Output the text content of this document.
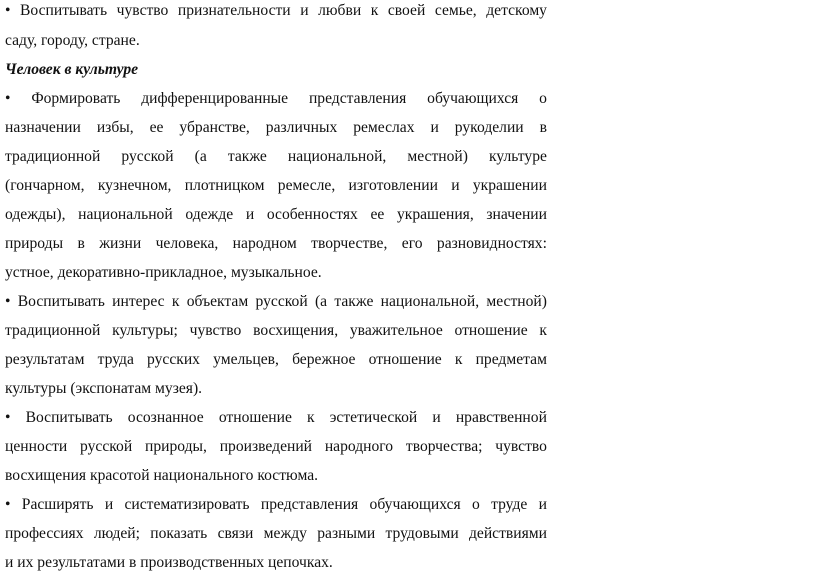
• Воспитывать чувство признательности и любви к своей семье, детскому
саду, городу, стране.
Человек в культуре
• Формировать дифференцированные представления обучающихся о
назначении избы, ее убранстве, различных ремеслах и рукоделии в
традиционной русской (а также национальной, местной) культуре
(гончарном, кузнечном, плотницком ремесле, изготовлении и украшении
одежды), национальной одежде и особенностях ее украшения, значении
природы в жизни человека, народном творчестве, его разновидностях:
устное, декоративно-прикладное, музыкальное.
• Воспитывать интерес к объектам русской (а также национальной, местной)
традиционной культуры; чувство восхищения, уважительное отношение к
результатам труда русских умельцев, бережное отношение к предметам
культуры (экспонатам музея).
• Воспитывать осознанное отношение к эстетической и нравственной
ценности русской природы, произведений народного творчества; чувство
восхищения красотой национального костюма.
• Расширять и систематизировать представления обучающихся о труде и
профессиях людей; показать связи между разными трудовыми действиями
и их результатами в производственных цепочках.
